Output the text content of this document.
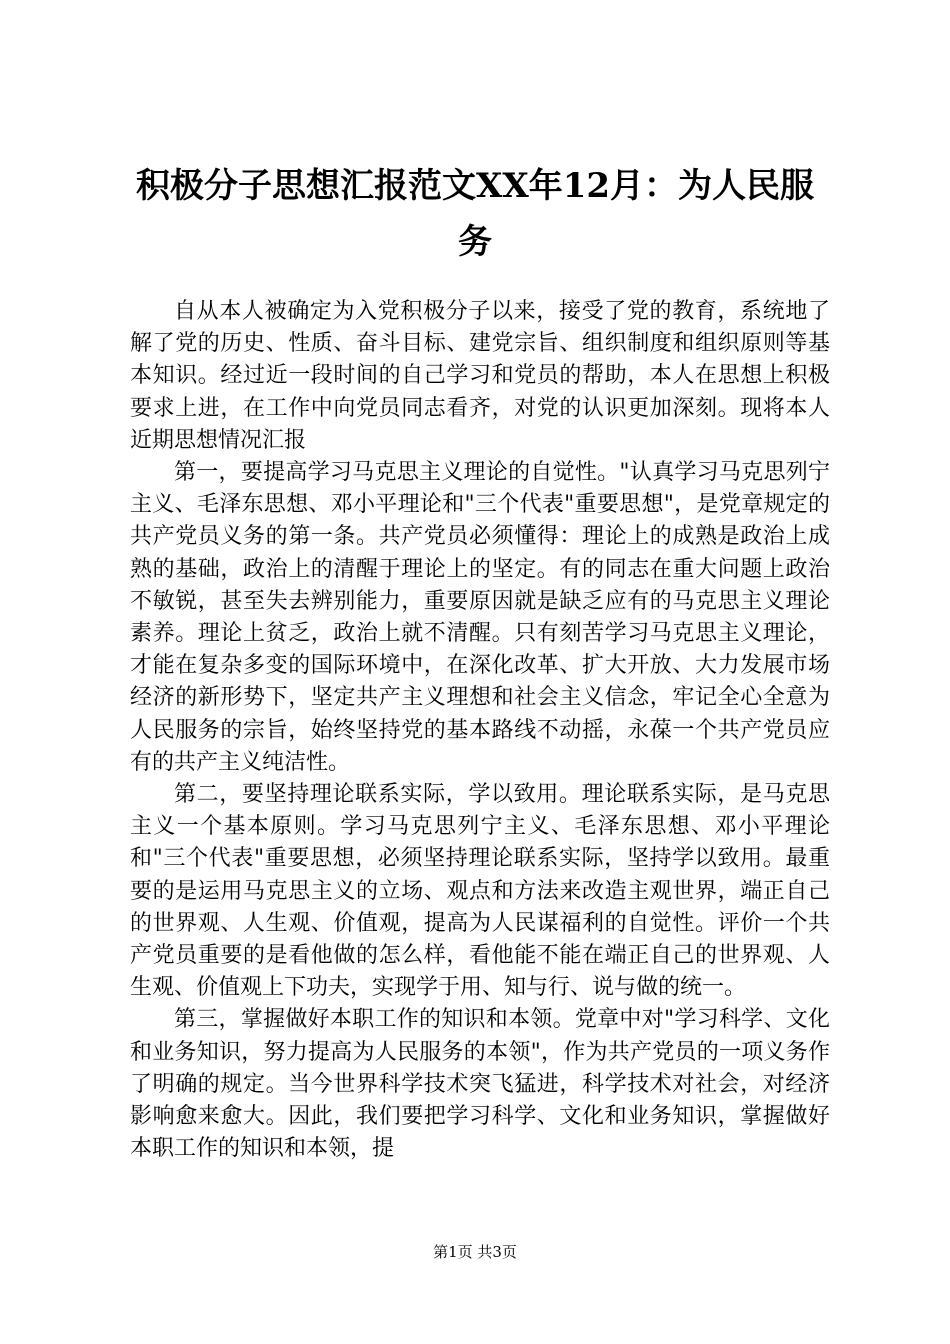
积极分子思想汇报范文XX年12月：为人民服务

自从本人被确定为入党积极分子以来，接受了党的教育，系统地了解了党的历史、性质、奋斗目标、建党宗旨、组织制度和组织原则等基本知识。经过近一段时间的自己学习和党员的帮助，本人在思想上积极要求上进，在工作中向党员同志看齐，对党的认识更加深刻。现将本人近期思想情况汇报

第一，要提高学习马克思主义理论的自觉性。"认真学习马克思列宁主义、毛泽东思想、邓小平理论和"三个代表"重要思想"，是党章规定的共产党员义务的第一条。共产党员必须懂得：理论上的成熟是政治上成熟的基础，政治上的清醒于理论上的坚定。有的同志在重大问题上政治不敏锐，甚至失去辨别能力，重要原因就是缺乏应有的马克思主义理论素养。理论上贫乏，政治上就不清醒。只有刻苦学习马克思主义理论，才能在复杂多变的国际环境中，在深化改革、扩大开放、大力发展市场经济的新形势下，坚定共产主义理想和社会主义信念，牢记全心全意为人民服务的宗旨，始终坚持党的基本路线不动摇，永葆一个共产党员应有的共产主义纯洁性。

第二，要坚持理论联系实际，学以致用。理论联系实际，是马克思主义一个基本原则。学习马克思列宁主义、毛泽东思想、邓小平理论和"三个代表"重要思想，必须坚持理论联系实际，坚持学以致用。最重要的是运用马克思主义的立场、观点和方法来改造主观世界，端正自己的世界观、人生观、价值观，提高为人民谋福利的自觉性。评价一个共产党员重要的是看他做的怎么样，看他能不能在端正自己的世界观、人生观、价值观上下功夫，实现学于用、知与行、说与做的统一。

第三，掌握做好本职工作的知识和本领。党章中对"学习科学、文化和业务知识，努力提高为人民服务的本领"，作为共产党员的一项义务作了明确的规定。当今世界科学技术突飞猛进，科学技术对社会，对经济影响愈来愈大。因此，我们要把学习科学、文化和业务知识，掌握做好本职工作的知识和本领，提

第1页 共3页
